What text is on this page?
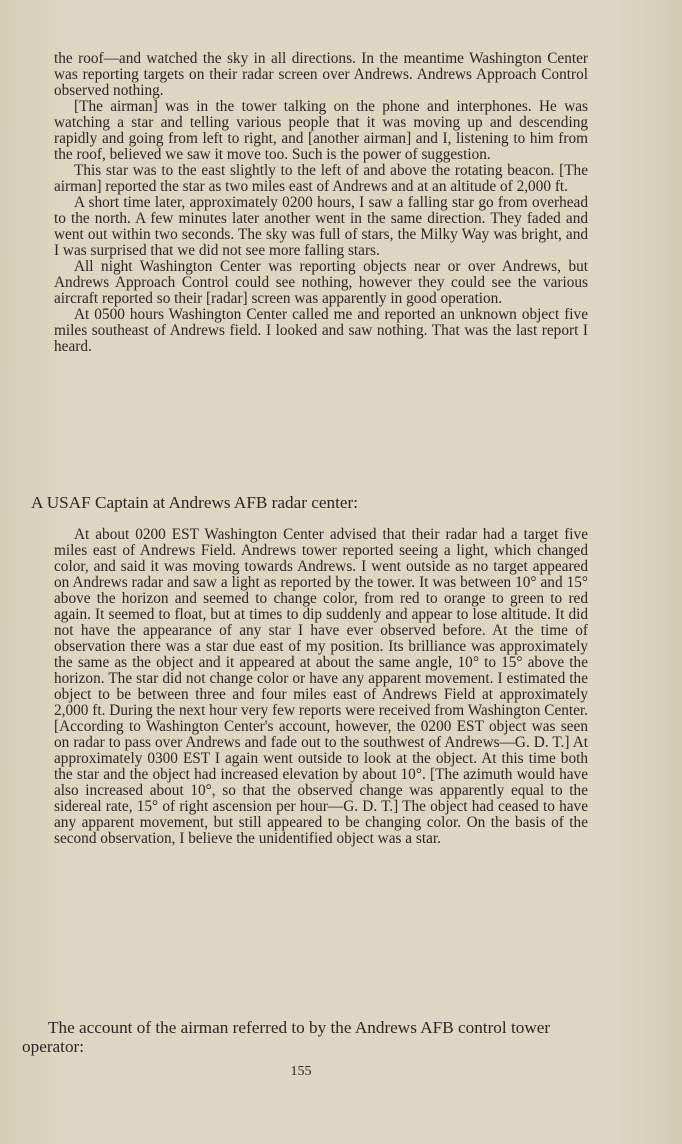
the roof—and watched the sky in all directions. In the meantime Washington Center was reporting targets on their radar screen over Andrews. Andrews Approach Control observed nothing.

[The airman] was in the tower talking on the phone and interphones. He was watching a star and telling various people that it was moving up and descending rapidly and going from left to right, and [another airman] and I, listening to him from the roof, believed we saw it move too. Such is the power of suggestion.

This star was to the east slightly to the left of and above the rotating beacon. [The airman] reported the star as two miles east of Andrews and at an altitude of 2,000 ft.

A short time later, approximately 0200 hours, I saw a falling star go from overhead to the north. A few minutes later another went in the same direction. They faded and went out within two seconds. The sky was full of stars, the Milky Way was bright, and I was surprised that we did not see more falling stars.

All night Washington Center was reporting objects near or over Andrews, but Andrews Approach Control could see nothing, however they could see the various aircraft reported so their [radar] screen was apparently in good operation.

At 0500 hours Washington Center called me and reported an unknown object five miles southeast of Andrews field. I looked and saw nothing. That was the last report I heard.

A USAF Captain at Andrews AFB radar center:

At about 0200 EST Washington Center advised that their radar had a target five miles east of Andrews Field. Andrews tower reported seeing a light, which changed color, and said it was moving towards Andrews. I went outside as no target appeared on Andrews radar and saw a light as reported by the tower. It was between 10° and 15° above the horizon and seemed to change color, from red to orange to green to red again. It seemed to float, but at times to dip suddenly and appear to lose altitude. It did not have the appearance of any star I have ever observed before. At the time of observation there was a star due east of my position. Its brilliance was approximately the same as the object and it appeared at about the same angle, 10° to 15° above the horizon. The star did not change color or have any apparent movement. I estimated the object to be between three and four miles east of Andrews Field at approximately 2,000 ft. During the next hour very few reports were received from Washington Center. [According to Washington Center's account, however, the 0200 EST object was seen on radar to pass over Andrews and fade out to the southwest of Andrews—G. D. T.] At approximately 0300 EST I again went outside to look at the object. At this time both the star and the object had increased elevation by about 10°. [The azimuth would have also increased about 10°, so that the observed change was apparently equal to the sidereal rate, 15° of right ascension per hour—G. D. T.] The object had ceased to have any apparent movement, but still appeared to be changing color. On the basis of the second observation, I believe the unidentified object was a star.

The account of the airman referred to by the Andrews AFB control tower operator:

155
